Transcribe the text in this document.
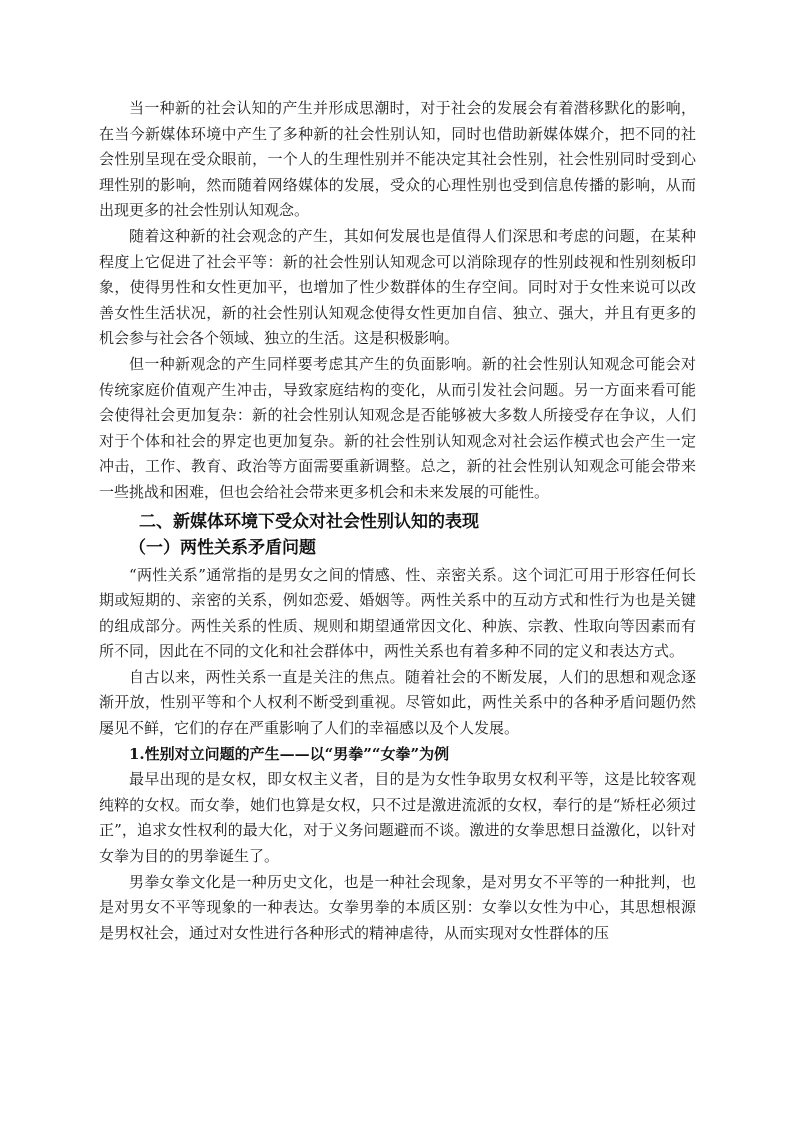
当一种新的社会认知的产生并形成思潮时，对于社会的发展会有着潜移默化的影响，在当今新媒体环境中产生了多种新的社会性别认知，同时也借助新媒体媒介，把不同的社会性别呈现在受众眼前，一个人的生理性别并不能决定其社会性别，社会性别同时受到心理性别的影响，然而随着网络媒体的发展，受众的心理性别也受到信息传播的影响，从而出现更多的社会性别认知观念。

随着这种新的社会观念的产生，其如何发展也是值得人们深思和考虑的问题，在某种程度上它促进了社会平等：新的社会性别认知观念可以消除现存的性别歧视和性别刻板印象，使得男性和女性更加平，也增加了性少数群体的生存空间。同时对于女性来说可以改善女性生活状况，新的社会性别认知观念使得女性更加自信、独立、强大，并且有更多的机会参与社会各个领域、独立的生活。这是积极影响。

但一种新观念的产生同样要考虑其产生的负面影响。新的社会性别认知观念可能会对传统家庭价值观产生冲击，导致家庭结构的变化，从而引发社会问题。另一方面来看可能会使得社会更加复杂：新的社会性别认知观念是否能够被大多数人所接受存在争议，人们对于个体和社会的界定也更加复杂。新的社会性别认知观念对社会运作模式也会产生一定冲击，工作、教育、政治等方面需要重新调整。总之，新的社会性别认知观念可能会带来一些挑战和困难，但也会给社会带来更多机会和未来发展的可能性。

二、新媒体环境下受众对社会性别认知的表现
（一）两性关系矛盾问题

“两性关系”通常指的是男女之间的情感、性、亲密关系。这个词汇可用于形容任何长期或短期的、亲密的关系，例如恋爱、婚姻等。两性关系中的互动方式和性行为也是关键的组成部分。两性关系的性质、规则和期望通常因文化、种族、宗教、性取向等因素而有所不同，因此在不同的文化和社会群体中，两性关系也有着多种不同的定义和表达方式。

自古以来，两性关系一直是关注的焦点。随着社会的不断发展，人们的思想和观念逐渐开放，性别平等和个人权利不断受到重视。尽管如此，两性关系中的各种矛盾问题仍然屡见不鲜，它们的存在严重影响了人们的幸福感以及个人发展。

1.性别对立问题的产生——以“男拳”“女拳”为例

最早出现的是女权，即女权主义者，目的是为女性争取男女权利平等，这是比较客观纯粹的女权。而女拳，她们也算是女权，只不过是激进流派的女权，奉行的是“矫枉必须过正”，追求女性权利的最大化，对于义务问题避而不谈。激进的女拳思想日益激化，以针对女拳为目的的男拳诞生了。

男拳女拳文化是一种历史文化，也是一种社会现象，是对男女不平等的一种批判，也是对男女不平等现象的一种表达。女拳男拳的本质区别：女拳以女性为中心，其思想根源是男权社会，通过对女性进行各种形式的精神虐待，从而实现对女性群体的压
